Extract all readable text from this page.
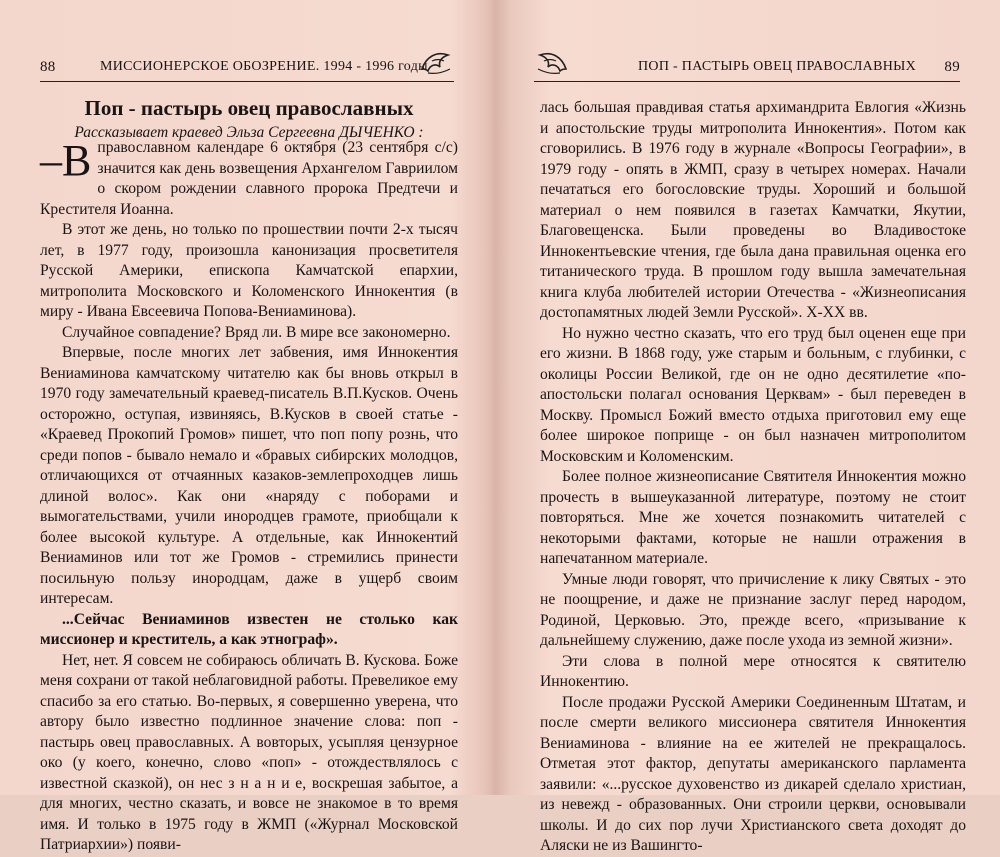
88	МИССИОНЕРСКОЕ ОБОЗРЕНИЕ. 1994 - 1996 годы
Поп - пастырь овец православных
Рассказывает краевед Эльза Сергеевна ДЫЧЕНКО :

–В православном календаре 6 октября (23 сентября с/с) значится как день возвещения Архангелом Гавриилом о скором рождении славного пророка Предтечи и Крестителя Иоанна.

В этот же день, но только по прошествии почти 2-х тысяч лет, в 1977 году, произошла канонизация просветителя Русской Америки, епископа Камчатской епархии, митрополита Московского и Коломенского Иннокентия (в миру - Ивана Евсеевича Попова-Вениаминова).

Случайное совпадение? Вряд ли. В мире все закономерно.

Впервые, после многих лет забвения, имя Иннокентия Вениаминова камчатскому читателю как бы вновь открыл в 1970 году замечательный краевед-писатель В.П.Кусков. Очень осторожно, оступая, извиняясь, В.Кусков в своей статье - «Краевед Прокопий Громов» пишет, что поп попу рознь, что среди попов - бывало немало и «бравых сибирских молодцов, отличающихся от отчаянных казаков-землепроходцев лишь длиной волос». Как они «наряду с поборами и вымогательствами, учили инородцев грамоте, приобщали к более высокой культуре. А отдельные, как Иннокентий Вениаминов или тот же Громов - стремились принести посильную пользу инородцам, даже в ущерб своим интересам.

...Сейчас Вениаминов известен не столько как миссионер и креститель, а как этнограф».

Нет, нет. Я совсем не собираюсь обличать В. Кускова. Боже меня сохрани от такой неблаговидной работы. Превеликое ему спасибо за его статью. Во-первых, я совершенно уверена, что автору было известно подлинное значение слова: поп - пастырь овец православных. А вовторых, усыпляя цензурное око (у коего, конечно, слово «поп» - отождествлялось с известной сказкой), он нес з н а н и е, воскрешая забытое, а для многих, честно сказать, и вовсе не знакомое в то время имя. И только в 1975 году в ЖМП («Журнал Московской Патриархии») появи-

ПОП - ПАСТЫРЬ ОВЕЦ ПРАВОСЛАВНЫХ 89

лась большая правдивая статья архимандрита Евлогия «Жизнь и апостольские труды митрополита Иннокентия». Потом как сговорились. В 1976 году в журнале «Вопросы Географии», в 1979 году - опять в ЖМП, сразу в четырех номерах. Начали печататься его богословские труды. Хороший и большой материал о нем появился в газетах Камчатки, Якутии, Благовещенска. Были проведены во Владивостоке Иннокентьевские чтения, где была дана правильная оценка его титанического труда. В прошлом году вышла замечательная книга клуба любителей истории Отечества - «Жизнеописания достопамятных людей Земли Русской». X-XX вв.

Но нужно честно сказать, что его труд был оценен еще при его жизни. В 1868 году, уже старым и больным, с глубинки, с околицы России Великой, где он не одно десятилетие «по-апостольски полагал основания Церквам» - был переведен в Москву. Промысл Божий вместо отдыха приготовил ему еще более широкое поприще - он был назначен митрополитом Московским и Коломенским.

Более полное жизнеописание Святителя Иннокентия можно прочесть в вышеуказанной литературе, поэтому не стоит повторяться. Мне же хочется познакомить читателей с некоторыми фактами, которые не нашли отражения в напечатанном материале.

Умные люди говорят, что причисление к лику Святых - это не поощрение, и даже не признание заслуг перед народом, Родиной, Церковью. Это, прежде всего, «призывание к дальнейшему служению, даже после ухода из земной жизни».

Эти слова в полной мере относятся к святителю Иннокентию.

После продажи Русской Америки Соединенным Штатам, и после смерти великого миссионера святителя Иннокентия Вениаминова - влияние на ее жителей не прекращалось. Отметая этот фактор, депутаты американского парламента заявили: «...русское духовенство из дикарей сделало христиан, из невежд - образованных. Они строили церкви, основывали школы. И до сих пор лучи Христианского света доходят до Аляски не из Вашингто-
